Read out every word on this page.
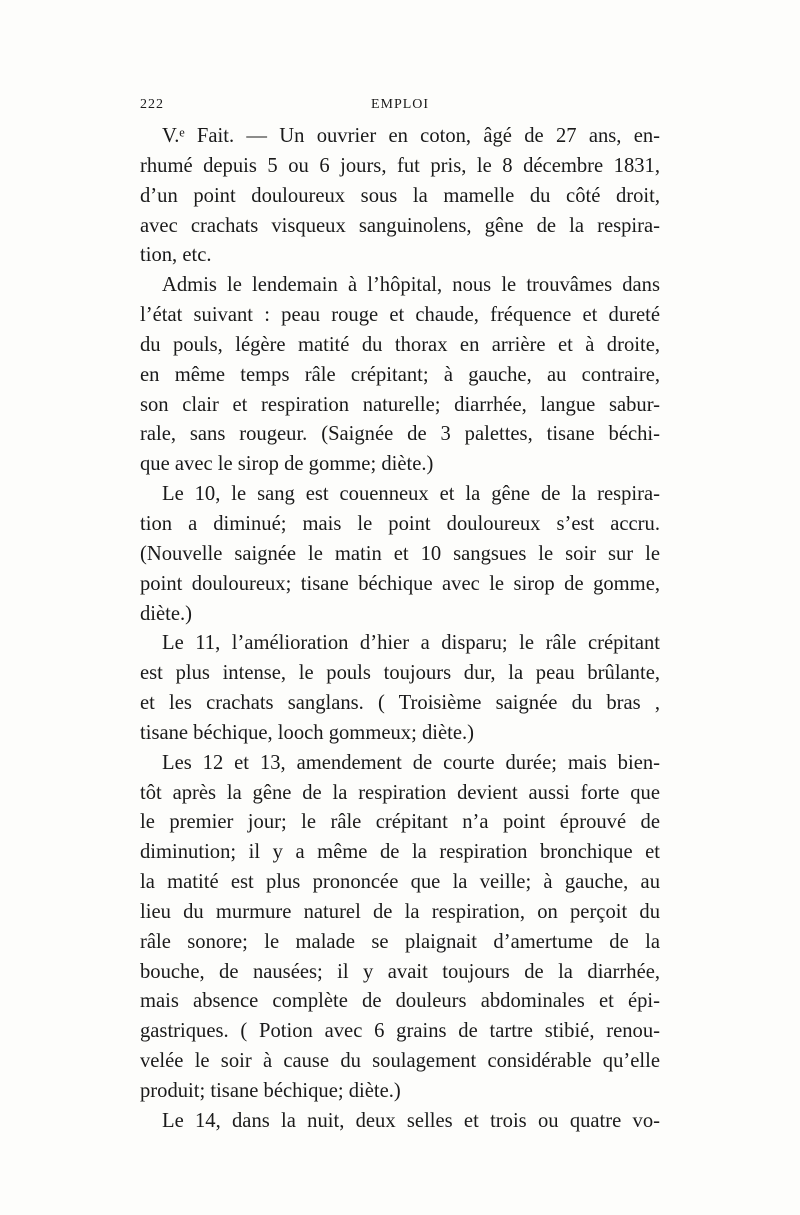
222	EMPLOI
V.ᵉ Fait. — Un ouvrier en coton, âgé de 27 ans, en-
rhumé depuis 5 ou 6 jours, fut pris, le 8 décembre 1831,
d’un point douloureux sous la mamelle du côté droit,
avec crachats visqueux sanguinolens, gêne de la respira-
tion, etc.
Admis le lendemain à l’hôpital, nous le trouvâmes dans
l’état suivant : peau rouge et chaude, fréquence et dureté
du pouls, légère matité du thorax en arrière et à droite,
en même temps râle crépitant; à gauche, au contraire,
son clair et respiration naturelle; diarrhée, langue sabur-
rale, sans rougeur. (Saignée de 3 palettes, tisane béchi-
que avec le sirop de gomme; diète.)
Le 10, le sang est couenneux et la gêne de la respira-
tion a diminué; mais le point douloureux s’est accru.
(Nouvelle saignée le matin et 10 sangsues le soir sur le
point douloureux; tisane béchique avec le sirop de gomme,
diète.)
Le 11, l’amélioration d’hier a disparu; le râle crépitant
est plus intense, le pouls toujours dur, la peau brûlante,
et les crachats sanglans. ( Troisième saignée du bras ,
tisane béchique, looch gommeux; diète.)
Les 12 et 13, amendement de courte durée; mais bien-
tôt après la gêne de la respiration devient aussi forte que
le premier jour; le râle crépitant n’a point éprouvé de
diminution; il y a même de la respiration bronchique et
la matité est plus prononcée que la veille; à gauche, au
lieu du murmure naturel de la respiration, on perçoit du
râle sonore; le malade se plaignait d’amertume de la
bouche, de nausées; il y avait toujours de la diarrhée,
mais absence complète de douleurs abdominales et épi-
gastriques. ( Potion avec 6 grains de tartre stibié, renou-
velée le soir à cause du soulagement considérable qu’elle
produit; tisane béchique; diète.)
Le 14, dans la nuit, deux selles et trois ou quatre vo-
